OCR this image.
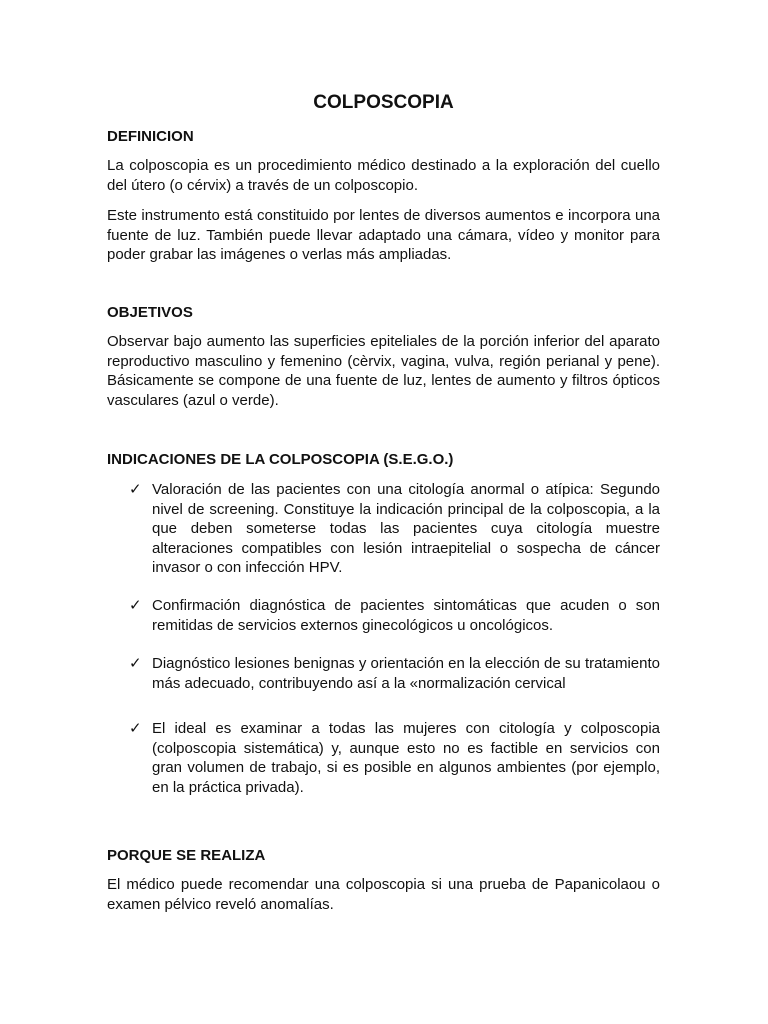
COLPOSCOPIA
DEFINICION
La colposcopia es un procedimiento médico destinado a la exploración del cuello del útero (o cérvix) a través de un colposcopio.
Este instrumento está constituido por lentes de diversos aumentos e incorpora una fuente de luz. También puede llevar adaptado una cámara, vídeo y monitor para poder grabar las imágenes o verlas más ampliadas.
OBJETIVOS
Observar bajo aumento las superficies epiteliales de la porción inferior del aparato reproductivo masculino y femenino (cèrvix, vagina, vulva, región perianal y pene). Básicamente se compone de una fuente de luz, lentes de aumento y filtros ópticos vasculares (azul o verde).
INDICACIONES DE LA COLPOSCOPIA (S.E.G.O.)
✓ Valoración de las pacientes con una citología anormal o atípica: Segundo nivel de screening. Constituye la indicación principal de la colposcopia, a la que deben someterse todas las pacientes cuya citología muestre alteraciones compatibles con lesión intraepitelial o sospecha de cáncer invasor o con infección HPV.
✓ Confirmación diagnóstica de pacientes sintomáticas que acuden o son remitidas de servicios externos ginecológicos u oncológicos.
✓ Diagnóstico lesiones benignas y orientación en la elección de su tratamiento más adecuado, contribuyendo así a la «normalización cervical
✓ El ideal es examinar a todas las mujeres con citología y colposcopia (colposcopia sistemática) y, aunque esto no es factible en servicios con gran volumen de trabajo, si es posible en algunos ambientes (por ejemplo, en la práctica privada).
PORQUE SE REALIZA
El médico puede recomendar una colposcopia si una prueba de Papanicolaou o examen pélvico reveló anomalías.
